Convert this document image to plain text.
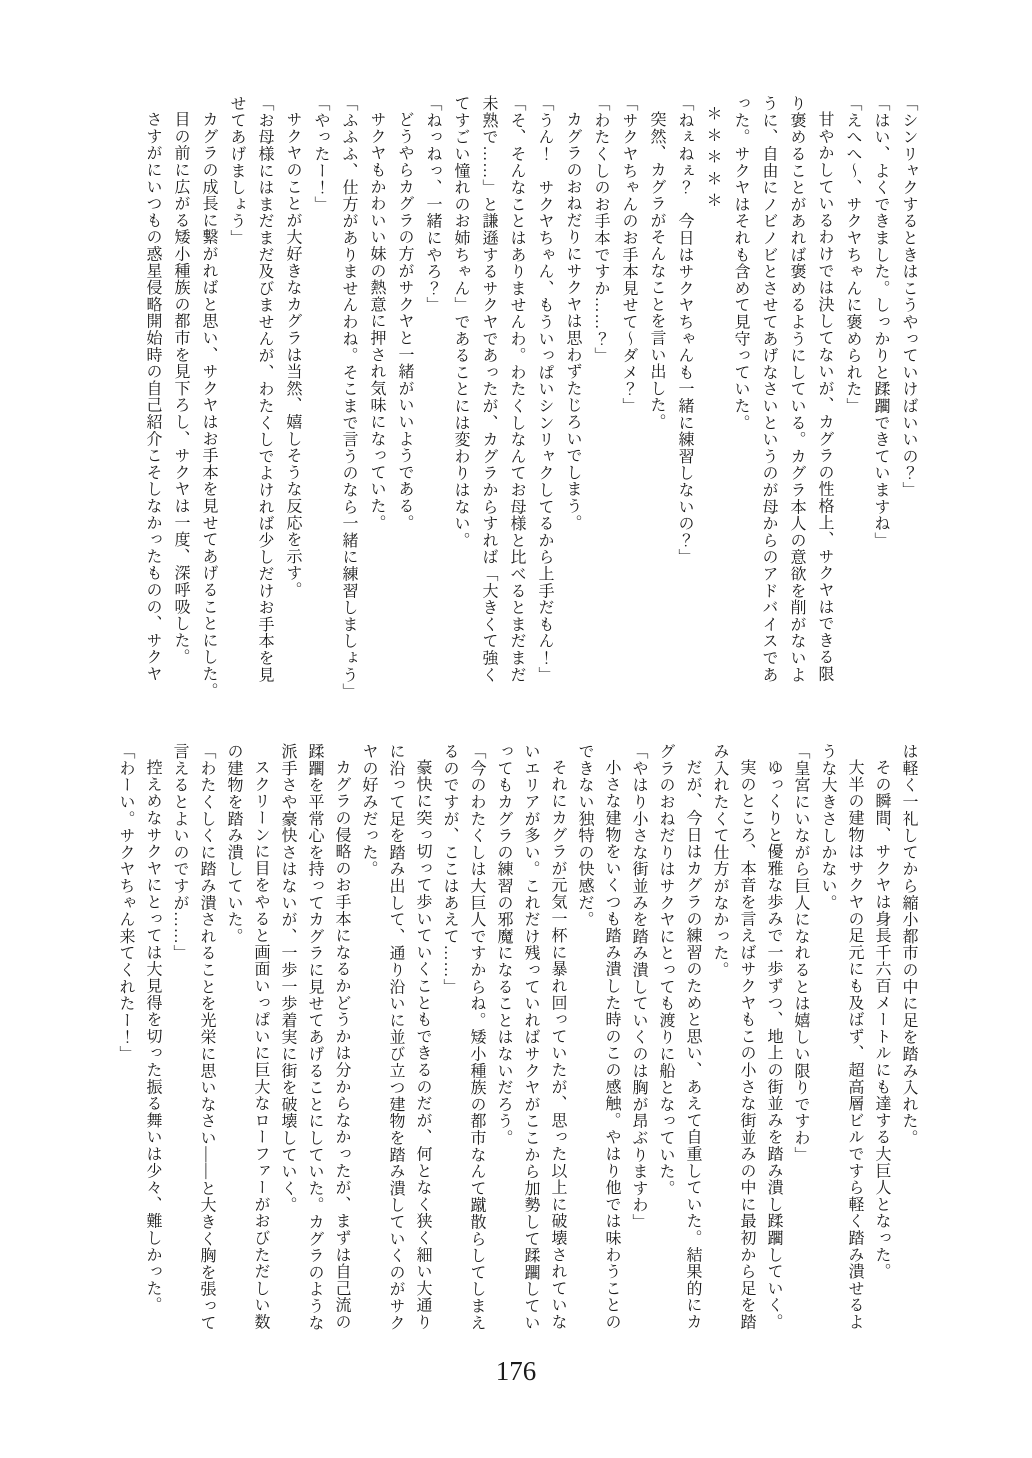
「シンリャクするときはこうやっていけばいいの？」

「はい、よくできました。しっかりと蹂躙できていますね」

「えへへ〜、サクヤちゃんに褒められた」

甘やかしているわけでは決してないが、カグラの性格上、サクヤはできる限

り褒めることがあれば褒めるようにしている。カグラ本人の意欲を削がないよ

うに、自由にノビノビとさせてあげなさいというのが母からのアドバイスであ

った。サクヤはそれも含めて見守っていた。

＊ ＊ ＊ ＊ ＊

「ねぇねぇ？　今日はサクヤちゃんも一緒に練習しないの？」

突然、カグラがそんなことを言い出した。

「サクヤちゃんのお手本見せて〜ダメ？」

「わたくしのお手本ですか……？」

カグラのおねだりにサクヤは思わずたじろいでしまう。

「うん！　サクヤちゃん、もういっぱいシンリャクしてるから上手だもん！」

「そ、そんなことはありませんわ。わたくしなんてお母様と比べるとまだまだ

未熟で……」と謙遜するサクヤであったが、カグラからすれば「大きくて強く

てすごい憧れのお姉ちゃん」であることには変わりはない。

「ねっねっ、一緒にやろ？」

どうやらカグラの方がサクヤと一緒がいいようである。

サクヤもかわいい妹の熱意に押され気味になっていた。

「ふふふ、仕方がありませんわね。そこまで言うのなら一緒に練習しましょう」

「やったー！」

サクヤのことが大好きなカグラは当然、嬉しそうな反応を示す。

「お母様にはまだまだ及びませんが、わたくしでよければ少しだけお手本を見

せてあげましょう」

カグラの成長に繋がればと思い、サクヤはお手本を見せてあげることにした。

目の前に広がる矮小種族の都市を見下ろし、サクヤは一度、深呼吸した。

さすがにいつもの惑星侵略開始時の自己紹介こそしなかったものの、サクヤ

は軽く一礼してから縮小都市の中に足を踏み入れた。

その瞬間、サクヤは身長千六百メートルにも達する大巨人となった。

大半の建物はサクヤの足元にも及ばず、超高層ビルですら軽く踏み潰せるよ

うな大きさしかない。

「皇宮にいながら巨人になれるとは嬉しい限りですわ」

ゆっくりと優雅な歩みで一歩ずつ、地上の街並みを踏み潰し蹂躙していく。

実のところ、本音を言えばサクヤもこの小さな街並みの中に最初から足を踏

み入れたくて仕方がなかった。

だが、今日はカグラの練習のためと思い、あえて自重していた。結果的にカ

グラのおねだりはサクヤにとっても渡りに船となっていた。

「やはり小さな街並みを踏み潰していくのは胸が昂ぶりますわ」

小さな建物をいくつも踏み潰した時のこの感触。やはり他では味わうことの

できない独特の快感だ。

それにカグラが元気一杯に暴れ回っていたが、思った以上に破壊されていな

いエリアが多い。これだけ残っていればサクヤがここから加勢して蹂躙してい

ってもカグラの練習の邪魔になることはないだろう。

「今のわたくしは大巨人ですからね。矮小種族の都市なんて蹴散らしてしまえ

るのですが、ここはあえて……」

豪快に突っ切って歩いていくこともできるのだが、何となく狭く細い大通り

に沿って足を踏み出して、通り沿いに並び立つ建物を踏み潰していくのがサク

ヤの好みだった。

カグラの侵略のお手本になるかどうかは分からなかったが、まずは自己流の

蹂躙を平常心を持ってカグラに見せてあげることにしていた。カグラのような

派手さや豪快さはないが、一歩一歩着実に街を破壊していく。

スクリーンに目をやると画面いっぱいに巨大なローファーがおびただしい数

の建物を踏み潰していた。

「わたくしくに踏み潰されることを光栄に思いなさい——と大きく胸を張って

言えるとよいのですが……」

控えめなサクヤにとっては大見得を切った振る舞いは少々、難しかった。

「わーい。サクヤちゃん来てくれたー！」

176
